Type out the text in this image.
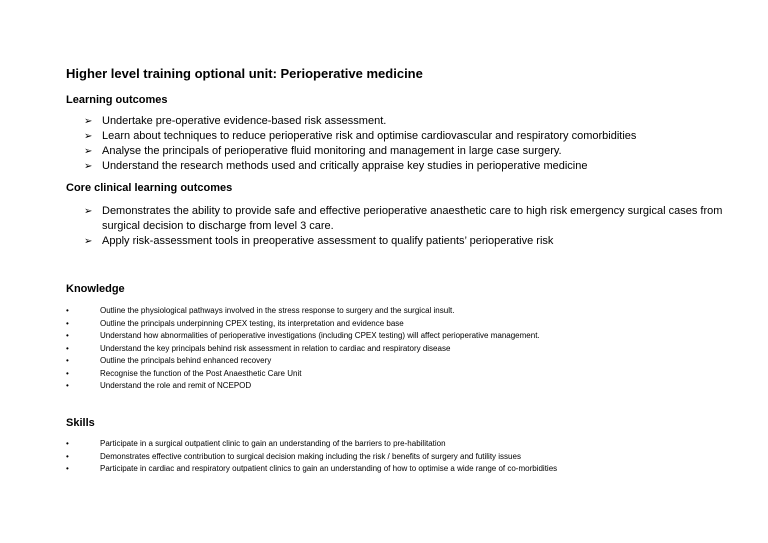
Higher level training optional unit: Perioperative medicine
Learning outcomes
➢ Undertake pre-operative evidence-based risk assessment.
➢ Learn about techniques to reduce perioperative risk and optimise cardiovascular and respiratory comorbidities
➢ Analyse the principals of perioperative fluid monitoring and management in large case surgery.
➢ Understand the research methods used and critically appraise key studies in perioperative medicine
Core clinical learning outcomes
➢ Demonstrates the ability to provide safe and effective perioperative anaesthetic care to high risk emergency surgical cases from surgical decision to discharge from level 3 care.
➢ Apply risk-assessment tools in preoperative assessment to qualify patients’ perioperative risk
Knowledge
•	Outline the physiological pathways involved in the stress response to surgery and the surgical insult.
•	Outline the principals underpinning CPEX testing, its interpretation and evidence base
•	Understand how abnormalities of perioperative investigations (including CPEX testing) will affect perioperative management.
•	Understand the key principals behind risk assessment in relation to cardiac and respiratory disease
•	Outline the principals behind enhanced recovery
•	Recognise the function of the Post Anaesthetic Care Unit
•	Understand the role and remit of NCEPOD
Skills
•	Participate in a surgical outpatient clinic to gain an understanding of the barriers to pre-habilitation
•	Demonstrates effective contribution to surgical decision making including the risk / benefits of surgery and futility issues
•	Participate in cardiac and respiratory outpatient clinics to gain an understanding of how to optimise a wide range of co-morbidities
